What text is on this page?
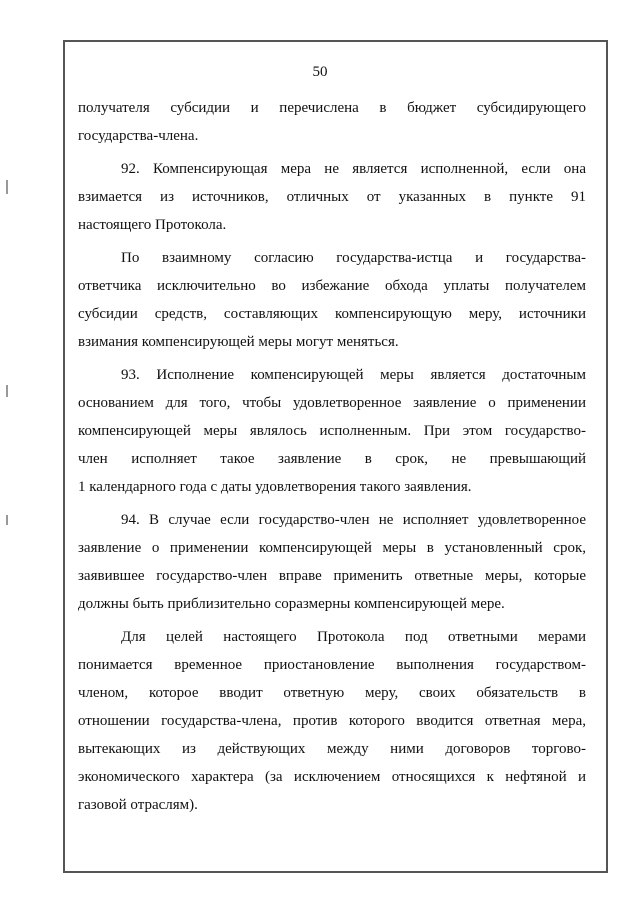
50
получателя субсидии и перечислена в бюджет субсидирующего
государства-члена.
92. Компенсирующая мера не является исполненной, если она
взимается из источников, отличных от указанных в пункте 91
настоящего Протокола.
По взаимному согласию государства-истца и государства-
ответчика исключительно во избежание обхода уплаты получателем
субсидии средств, составляющих компенсирующую меру, источники
взимания компенсирующей меры могут меняться.
93. Исполнение компенсирующей меры является достаточным
основанием для того, чтобы удовлетворенное заявление о применении
компенсирующей меры являлось исполненным. При этом государство-
член исполняет такое заявление в срок, не превышающий
1 календарного года с даты удовлетворения такого заявления.
94. В случае если государство-член не исполняет удовлетворенное
заявление о применении компенсирующей меры в установленный срок,
заявившее государство-член вправе применить ответные меры, которые
должны быть приблизительно соразмерны компенсирующей мере.
Для целей настоящего Протокола под ответными мерами
понимается временное приостановление выполнения государством-
членом, которое вводит ответную меру, своих обязательств в
отношении государства-члена, против которого вводится ответная мера,
вытекающих из действующих между ними договоров торгово-
экономического характера (за исключением относящихся к нефтяной и
газовой отраслям).
